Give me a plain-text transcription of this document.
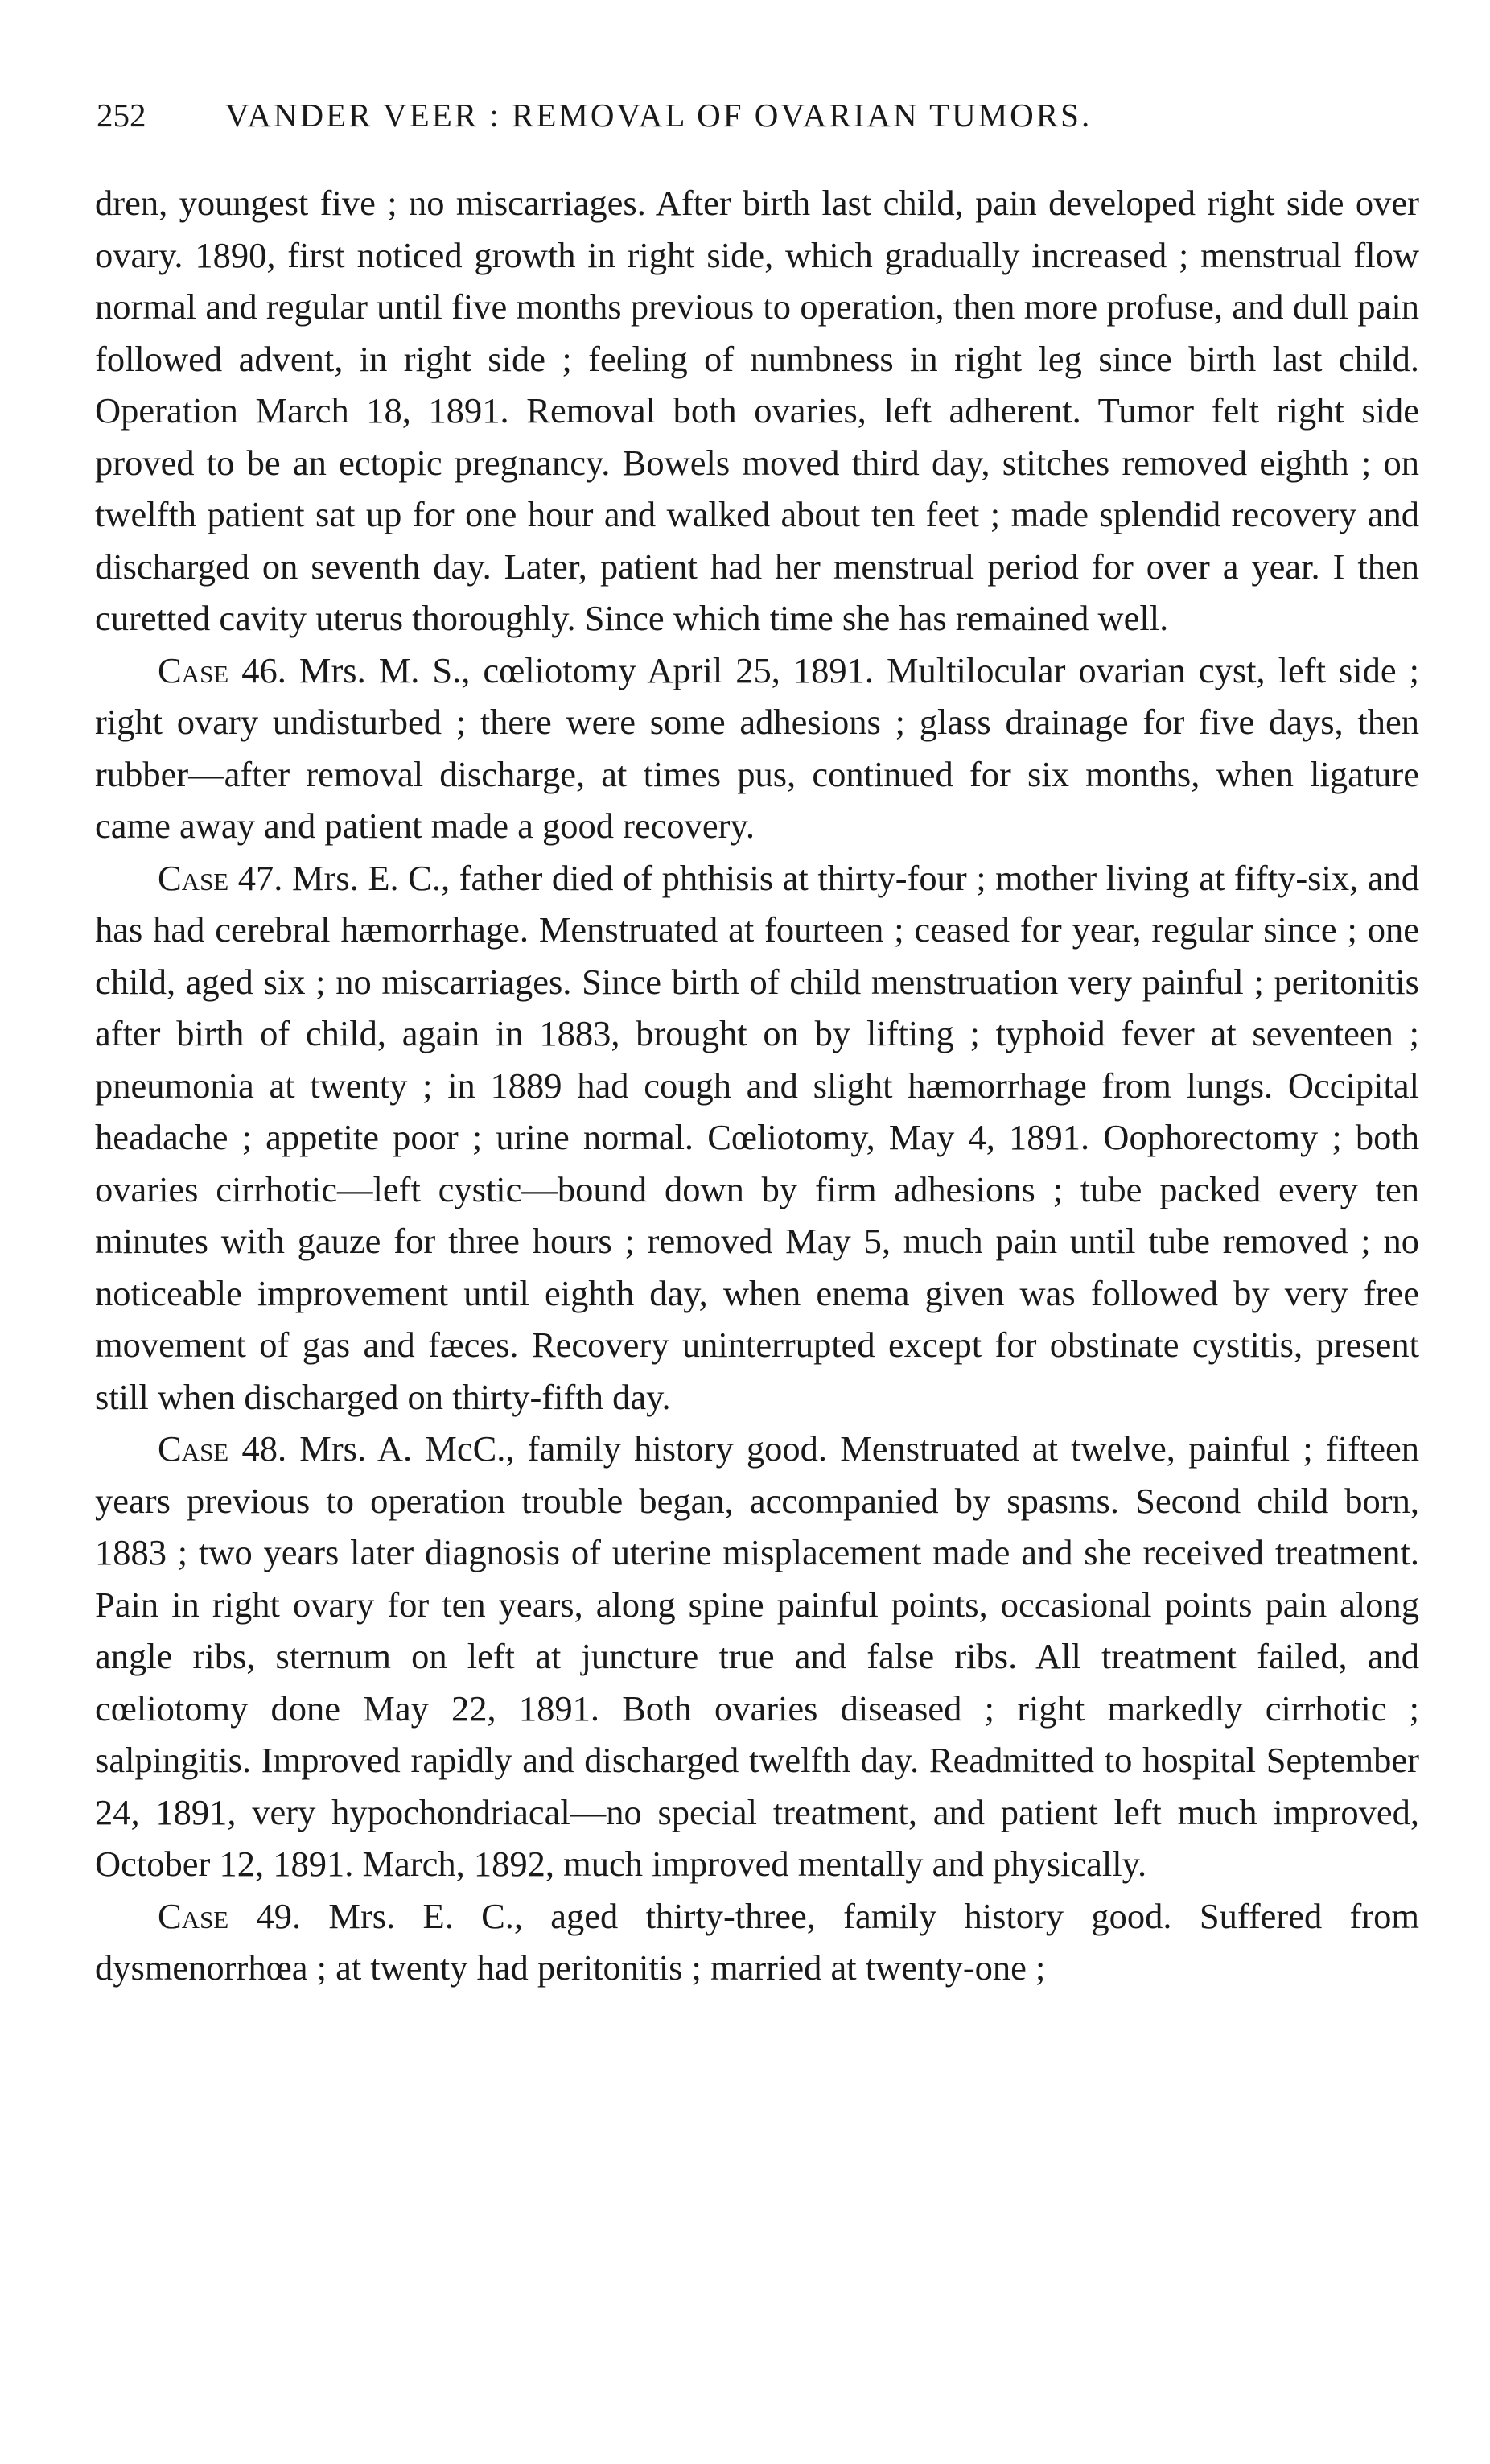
252 VANDER VEER : REMOVAL OF OVARIAN TUMORS.

dren, youngest five ; no miscarriages. After birth last child, pain developed right side over ovary. 1890, first noticed growth in right side, which gradually increased ; menstrual flow normal and regular until five months previous to operation, then more profuse, and dull pain followed advent, in right side ; feeling of numbness in right leg since birth last child. Operation March 18, 1891. Removal both ovaries, left adherent. Tumor felt right side proved to be an ectopic pregnancy. Bowels moved third day, stitches removed eighth ; on twelfth patient sat up for one hour and walked about ten feet ; made splendid recovery and discharged on seventh day. Later, patient had her menstrual period for over a year. I then curetted cavity uterus thoroughly. Since which time she has remained well.

Case 46. Mrs. M. S., cœliotomy April 25, 1891. Multilocular ovarian cyst, left side ; right ovary undisturbed ; there were some adhesions ; glass drainage for five days, then rubber—after removal discharge, at times pus, continued for six months, when ligature came away and patient made a good recovery.

Case 47. Mrs. E. C., father died of phthisis at thirty-four ; mother living at fifty-six, and has had cerebral hæmorrhage. Menstruated at fourteen ; ceased for year, regular since ; one child, aged six ; no miscarriages. Since birth of child menstruation very painful ; peritonitis after birth of child, again in 1883, brought on by lifting ; typhoid fever at seventeen ; pneumonia at twenty ; in 1889 had cough and slight hæmorrhage from lungs. Occipital headache ; appetite poor ; urine normal. Cœliotomy, May 4, 1891. Oophorectomy ; both ovaries cirrhotic—left cystic—bound down by firm adhesions ; tube packed every ten minutes with gauze for three hours ; removed May 5, much pain until tube removed ; no noticeable improvement until eighth day, when enema given was followed by very free movement of gas and fæces. Recovery uninterrupted except for obstinate cystitis, present still when discharged on thirty-fifth day.

Case 48. Mrs. A. McC., family history good. Menstruated at twelve, painful ; fifteen years previous to operation trouble began, accompanied by spasms. Second child born, 1883 ; two years later diagnosis of uterine misplacement made and she received treatment. Pain in right ovary for ten years, along spine painful points, occasional points pain along angle ribs, sternum on left at juncture true and false ribs. All treatment failed, and cœliotomy done May 22, 1891. Both ovaries diseased ; right markedly cirrhotic ; salpingitis. Improved rapidly and discharged twelfth day. Readmitted to hospital September 24, 1891, very hypochondriacal—no special treatment, and patient left much improved, October 12, 1891. March, 1892, much improved mentally and physically.

Case 49. Mrs. E. C., aged thirty-three, family history good. Suffered from dysmenorrhœa ; at twenty had peritonitis ; married at twenty-one ;
